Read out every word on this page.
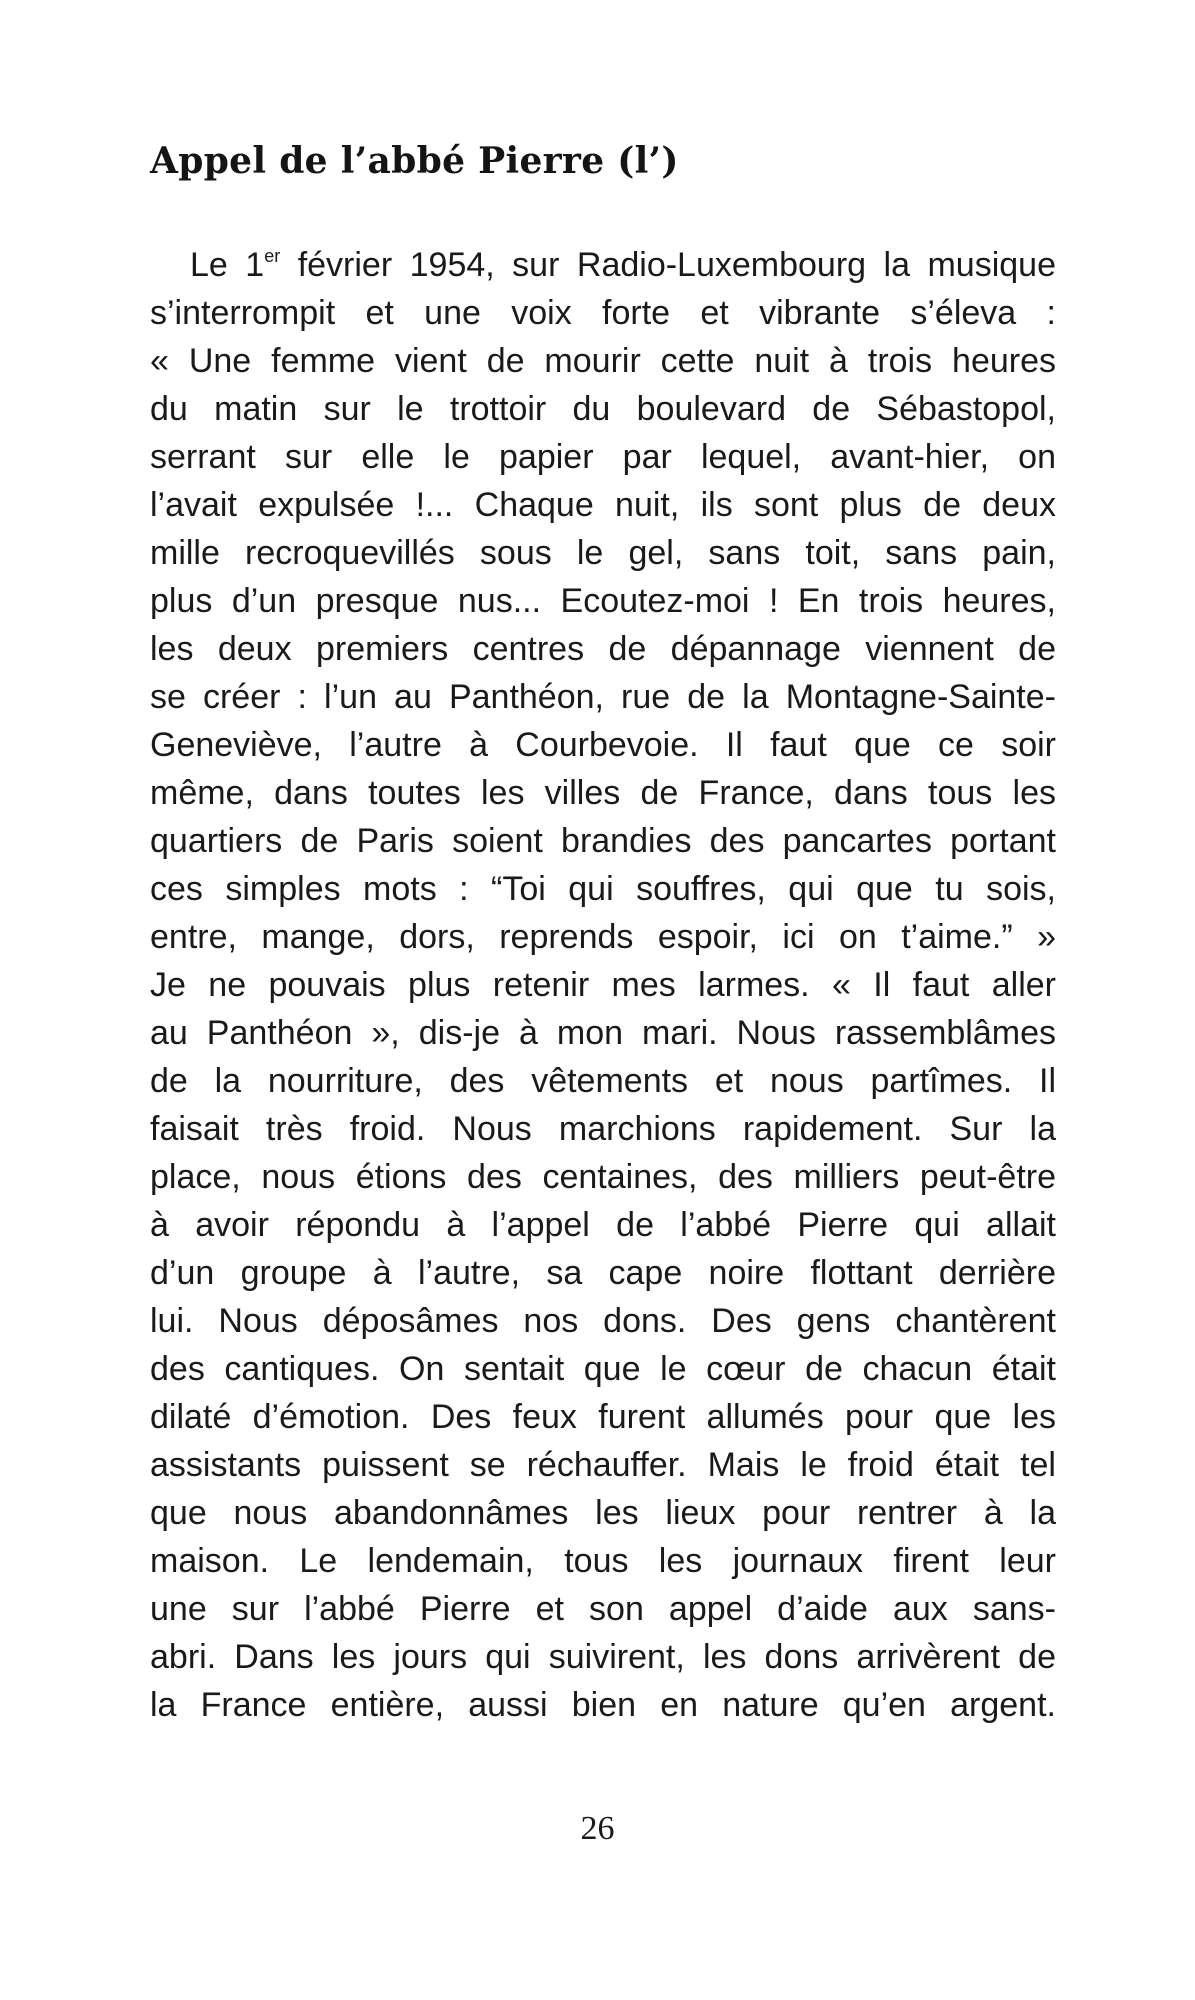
Appel de l’abbé Pierre (l’)
Le 1er février 1954, sur Radio-Luxembourg la musique
s’interrompit et une voix forte et vibrante s’éleva :
« Une femme vient de mourir cette nuit à trois heures
du matin sur le trottoir du boulevard de Sébastopol,
serrant sur elle le papier par lequel, avant-hier, on
l’avait expulsée !... Chaque nuit, ils sont plus de deux
mille recroquevillés sous le gel, sans toit, sans pain,
plus d’un presque nus... Ecoutez-moi ! En trois heures,
les deux premiers centres de dépannage viennent de
se créer : l’un au Panthéon, rue de la Montagne-Sainte-
Geneviève, l’autre à Courbevoie. Il faut que ce soir
même, dans toutes les villes de France, dans tous les
quartiers de Paris soient brandies des pancartes portant
ces simples mots : “Toi qui souffres, qui que tu sois,
entre, mange, dors, reprends espoir, ici on t’aime.” »
Je ne pouvais plus retenir mes larmes. « Il faut aller
au Panthéon », dis-je à mon mari. Nous rassemblâmes
de la nourriture, des vêtements et nous partîmes. Il
faisait très froid. Nous marchions rapidement. Sur la
place, nous étions des centaines, des milliers peut-être
à avoir répondu à l’appel de l’abbé Pierre qui allait
d’un groupe à l’autre, sa cape noire flottant derrière
lui. Nous déposâmes nos dons. Des gens chantèrent
des cantiques. On sentait que le cœur de chacun était
dilaté d’émotion. Des feux furent allumés pour que les
assistants puissent se réchauffer. Mais le froid était tel
que nous abandonnâmes les lieux pour rentrer à la
maison. Le lendemain, tous les journaux firent leur
une sur l’abbé Pierre et son appel d’aide aux sans-
abri. Dans les jours qui suivirent, les dons arrivèrent de
la France entière, aussi bien en nature qu’en argent.
26
